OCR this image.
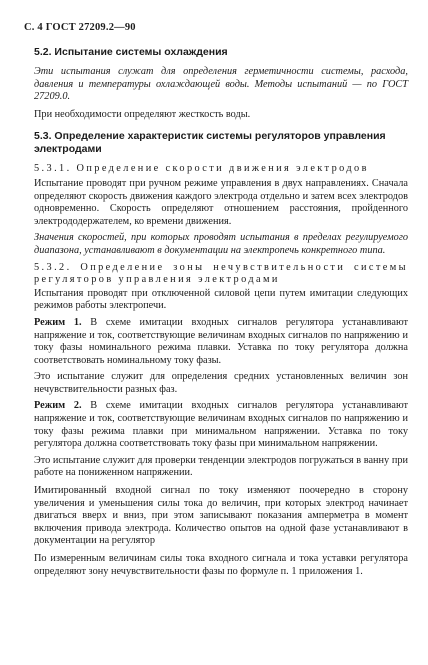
С. 4 ГОСТ 27209.2—90

5.2. Испытание системы охлаждения

Эти испытания служат для определения герметичности системы, расхода, давления и температуры охлаждающей воды. Методы испытаний — по ГОСТ 27209.0.

При необходимости определяют жесткость воды.

5.3. Определение характеристик системы регуляторов управления электродами

5.3.1. Определение скорости движения электродов

Испытание проводят при ручном режиме управления в двух направлениях. Сначала определяют скорость движения каждого электрода отдельно и затем всех электродов одновременно. Скорость определяют отношением расстояния, пройденного электрододержателем, ко времени движения.

Значения скоростей, при которых проводят испытания в пределах регулируемого диапазона, устанавливают в документации на электропечь конкретного типа.

5.3.2. Определение зоны нечувствительности системы регуляторов управления электродами

Испытания проводят при отключенной силовой цепи путем имитации следующих режимов работы электропечи.

Режим 1. В схеме имитации входных сигналов регулятора устанавливают напряжение и ток, соответствующие величинам входных сигналов по напряжению и току фазы номинального режима плавки. Уставка по току регулятора должна соответствовать номинальному току фазы.

Это испытание служит для определения средних установленных величин зон нечувствительности разных фаз.

Режим 2. В схеме имитации входных сигналов регулятора устанавливают напряжение и ток, соответствующие величинам входных сигналов по напряжению и току фазы режима плавки при минимальном напряжении. Уставка по току регулятора должна соответствовать току фазы при минимальном напряжении.

Это испытание служит для проверки тенденции электродов погружаться в ванну при работе на пониженном напряжении.

Имитированный входной сигнал по току изменяют поочередно в сторону увеличения и уменьшения силы тока до величин, при которых электрод начинает двигаться вверх и вниз, при этом записывают показания амперметра в момент включения привода электрода. Количество опытов на одной фазе устанавливают в документации на регулятор

По измеренным величинам силы тока входного сигнала и тока уставки регулятора определяют зону нечувствительности фазы по формуле п. 1 приложения 1.
